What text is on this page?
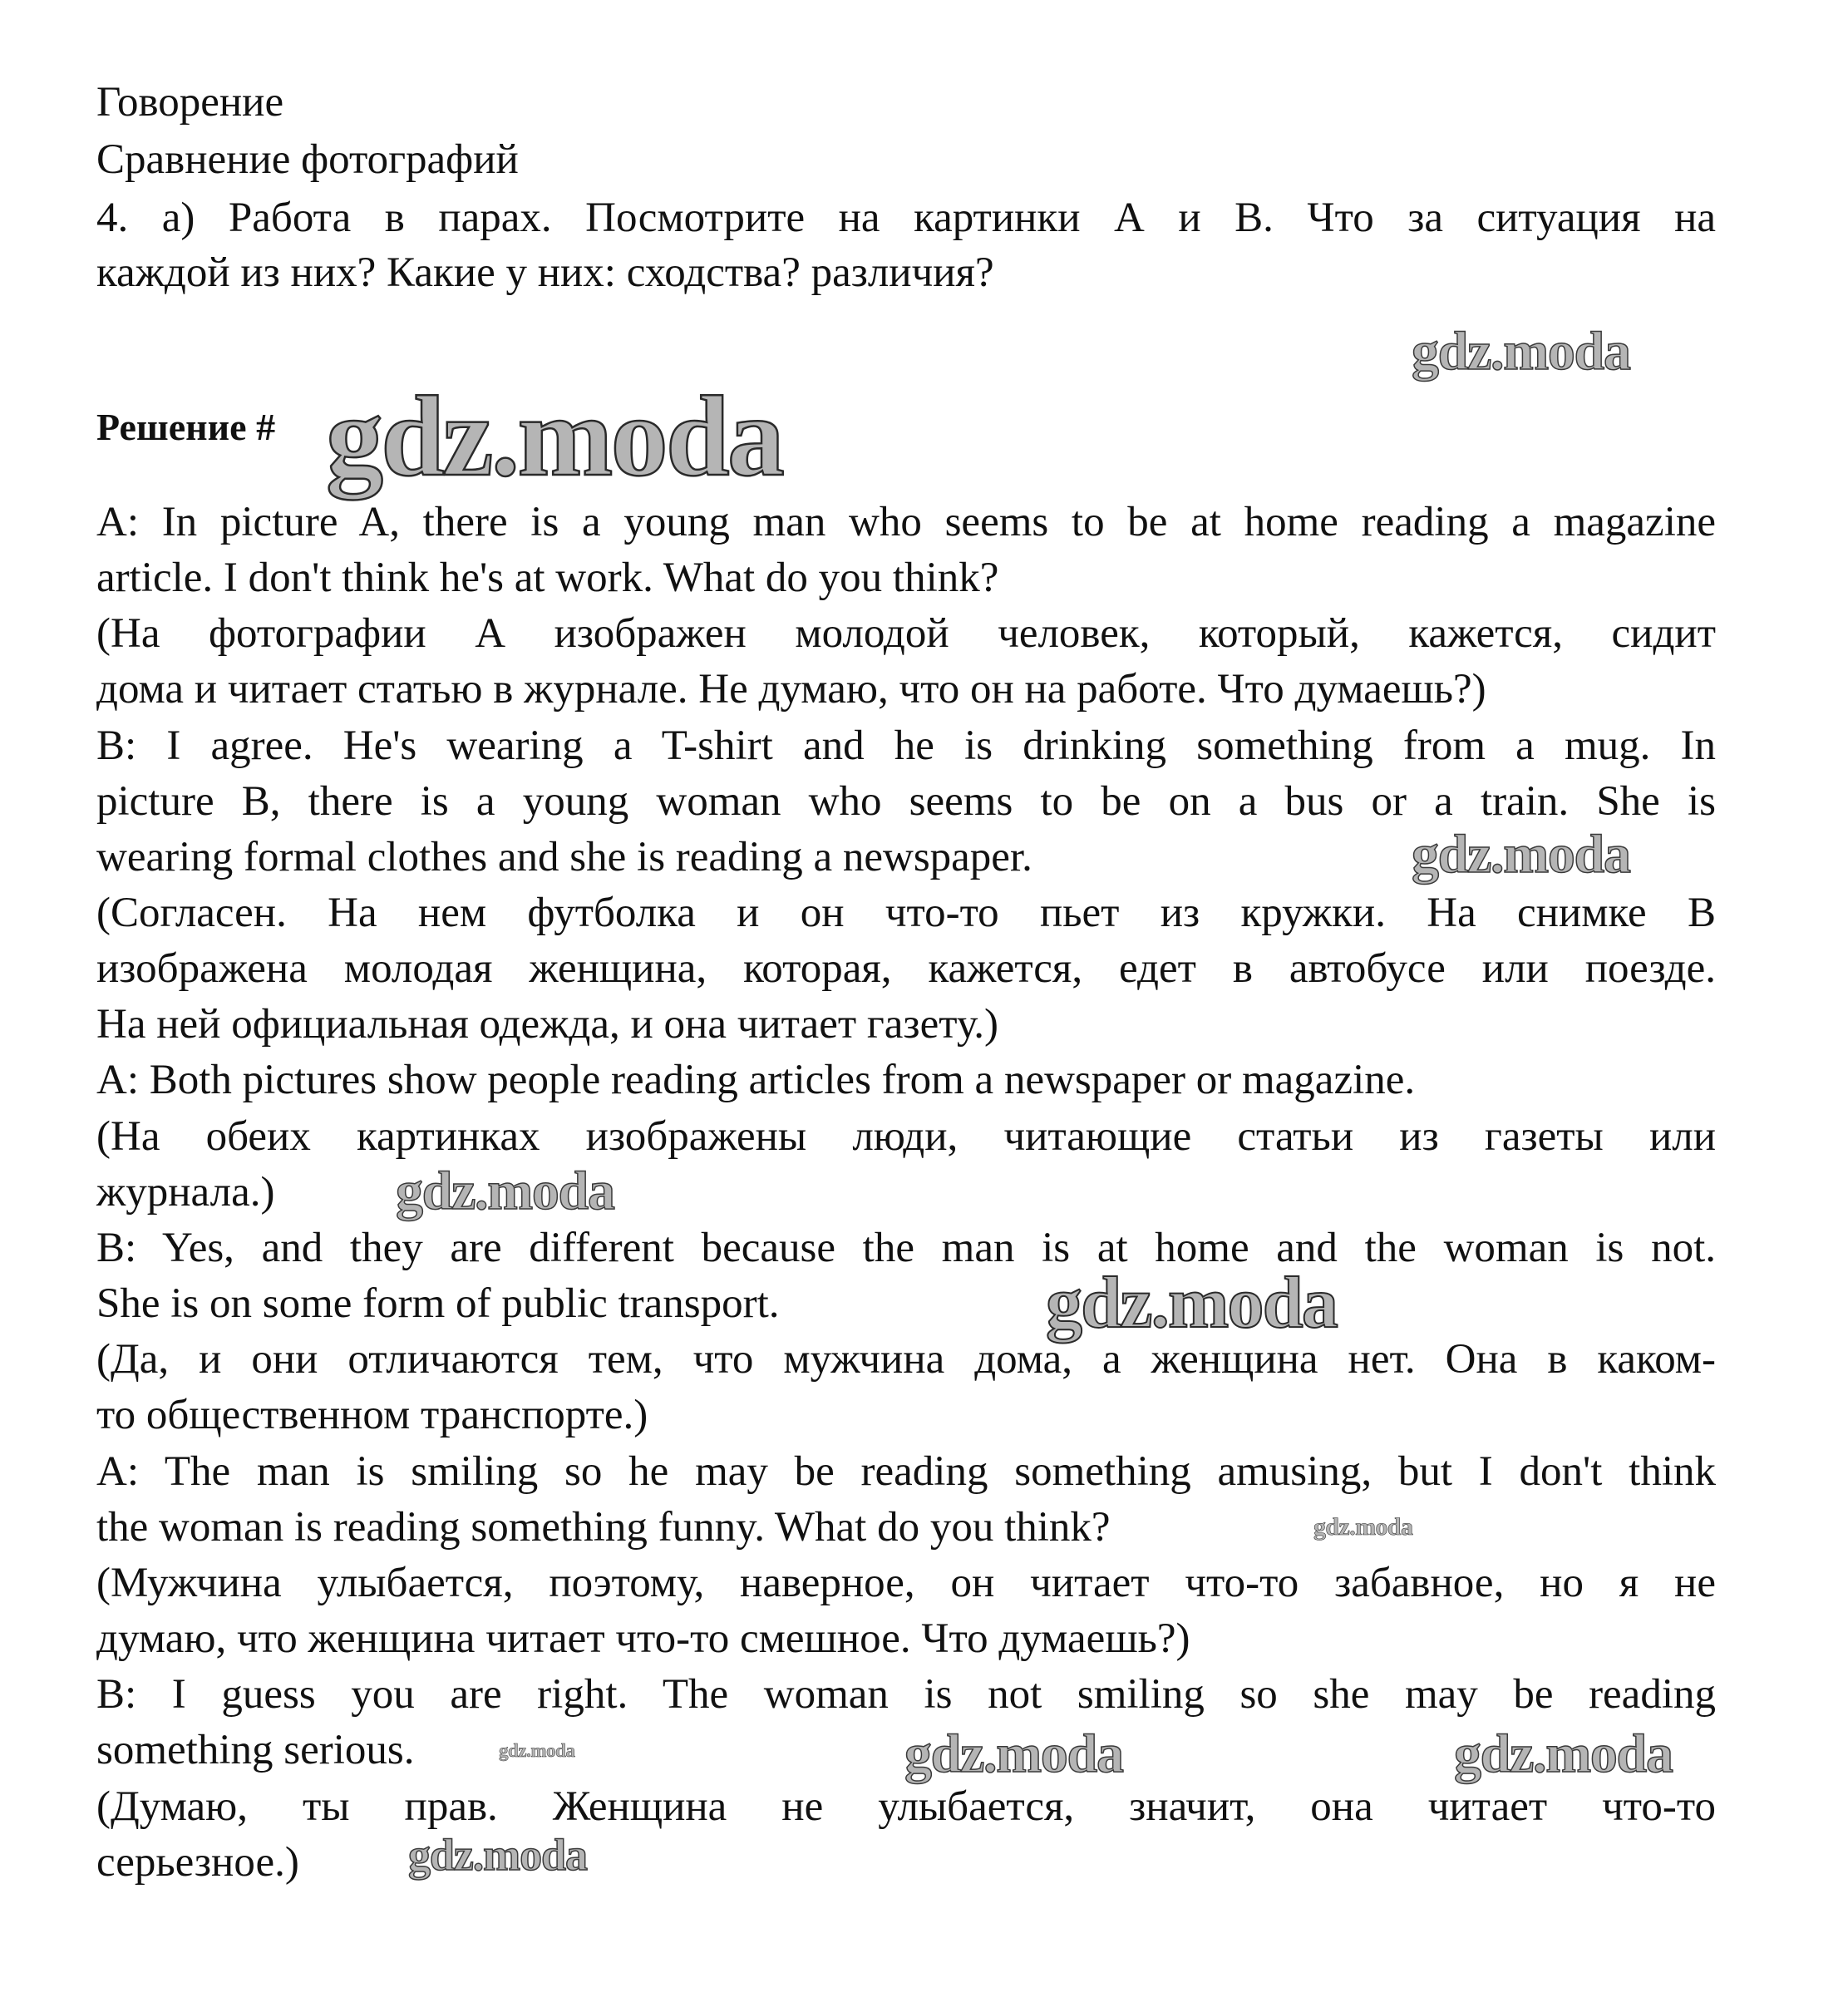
Говорение
Сравнение фотографий
4. а) Работа в парах. Посмотрите на картинки А и В. Что за ситуация на
каждой из них? Какие у них: сходства? различия?
Решение #
A: In picture A, there is a young man who seems to be at home reading a magazine
article. I don't think he's at work. What do you think?
(На фотографии А изображен молодой человек, который, кажется, сидит
дома и читает статью в журнале. Не думаю, что он на работе. Что думаешь?)
B: I agree. He's wearing a T-shirt and he is drinking something from a mug. In
picture B, there is a young woman who seems to be on a bus or a train. She is
wearing formal clothes and she is reading a newspaper.
(Согласен. На нем футболка и он что-то пьет из кружки. На снимке В
изображена молодая женщина, которая, кажется, едет в автобусе или поезде.
На ней официальная одежда, и она читает газету.)
A: Both pictures show people reading articles from a newspaper or magazine.
(На обеих картинках изображены люди, читающие статьи из газеты или
журнала.)
B: Yes, and they are different because the man is at home and the woman is not.
She is on some form of public transport.
(Да, и они отличаются тем, что мужчина дома, а женщина нет. Она в каком-
то общественном транспорте.)
A: The man is smiling so he may be reading something amusing, but I don't think
the woman is reading something funny. What do you think?
(Мужчина улыбается, поэтому, наверное, он читает что-то забавное, но я не
думаю, что женщина читает что-то смешное. Что думаешь?)
B: I guess you are right. The woman is not smiling so she may be reading
something serious.
(Думаю, ты прав. Женщина не улыбается, значит, она читает что-то
серьезное.)
gdz.moda
gdz.moda
gdz.moda
gdz.moda
gdz.moda
gdz.moda
gdz.moda	gdz.moda	gdz.moda
gdz.moda
